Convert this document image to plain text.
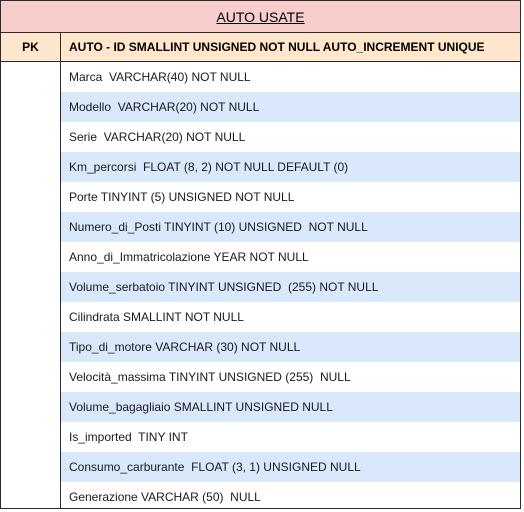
AUTO USATE
PK	AUTO - ID SMALLINT UNSIGNED NOT NULL AUTO_INCREMENT UNIQUE
Marca  VARCHAR(40) NOT NULL
Modello  VARCHAR(20) NOT NULL
Serie  VARCHAR(20) NOT NULL
Km_percorsi  FLOAT (8, 2) NOT NULL DEFAULT (0)
Porte TINYINT (5) UNSIGNED NOT NULL
Numero_di_Posti TINYINT (10) UNSIGNED  NOT NULL
Anno_di_Immatricolazione YEAR NOT NULL
Volume_serbatoio TINYINT UNSIGNED  (255) NOT NULL
Cilindrata SMALLINT NOT NULL
Tipo_di_motore VARCHAR (30) NOT NULL
Velocità_massima TINYINT UNSIGNED (255)  NULL
Volume_bagagliaio SMALLINT UNSIGNED NULL
Is_imported  TINY INT
Consumo_carburante  FLOAT (3, 1) UNSIGNED NULL
Generazione VARCHAR (50)  NULL
